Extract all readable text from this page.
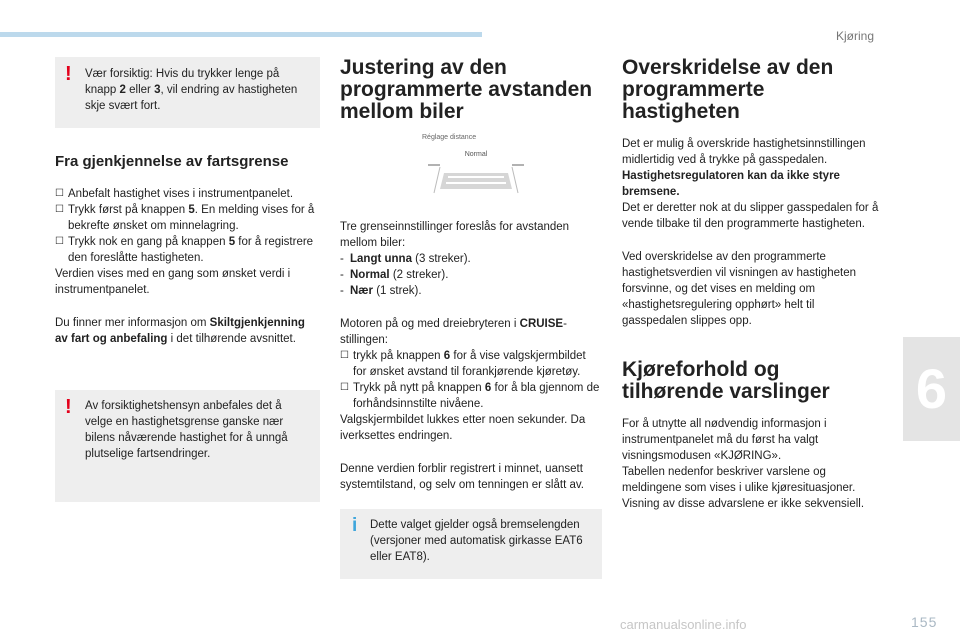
Kjøring
6
155
carmanualsonline.info
! Vær forsiktig: Hvis du trykker lenge på knapp 2 eller 3, vil endring av hastigheten skje svært fort.

Fra gjenkjennelse av fartsgrense
☐ Anbefalt hastighet vises i instrumentpanelet.
☐ Trykk først på knappen 5. En melding vises for å bekrefte ønsket om minnelagring.
☐ Trykk nok en gang på knappen 5 for å registrere den foreslåtte hastigheten.

Verdien vises med en gang som ønsket verdi i instrumentpanelet.

Du finner mer informasjon om Skiltgjenkjenning av fart og anbefaling i det tilhørende avsnittet.

! Av forsiktighetshensyn anbefales det å velge en hastighetsgrense ganske nær bilens nåværende hastighet for å unngå plutselige fartsendringer.

Justering av den programmerte avstanden mellom biler
Réglage distance
Normal

Tre grenseinnstillinger foreslås for avstanden mellom biler:

- Langt unna (3 streker).
- Normal (2 streker).
- Nær (1 strek).

Motoren på og med dreiebryteren i CRUISE-stillingen:

☐ trykk på knappen 6 for å vise valgskjermbildet for ønsket avstand til forankjørende kjøretøy.
☐ Trykk på nytt på knappen 6 for å bla gjennom de forhåndsinnstilte nivåene.

Valgskjermbildet lukkes etter noen sekunder. Da iverksettes endringen.

Denne verdien forblir registrert i minnet, uansett systemtilstand, og selv om tenningen er slått av.

i Dette valget gjelder også bremselengden (versjoner med automatisk girkasse EAT6 eller EAT8).

Overskridelse av den programmerte hastigheten

Det er mulig å overskride hastighetsinnstillingen midlertidig ved å trykke på gasspedalen.

Hastighetsregulatoren kan da ikke styre bremsene.

Det er deretter nok at du slipper gasspedalen for å vende tilbake til den programmerte hastigheten.

Ved overskridelse av den programmerte hastighetsverdien vil visningen av hastigheten forsvinne, og det vises en melding om «hastighetsregulering opphørt» helt til gasspedalen slippes opp.

Kjøreforhold og tilhørende varslinger

For å utnytte all nødvendig informasjon i instrumentpanelet må du først ha valgt visningsmodusen «KJØRING».

Tabellen nedenfor beskriver varslene og meldingene som vises i ulike kjøresituasjoner. Visning av disse advarslene er ikke sekvensiell.
